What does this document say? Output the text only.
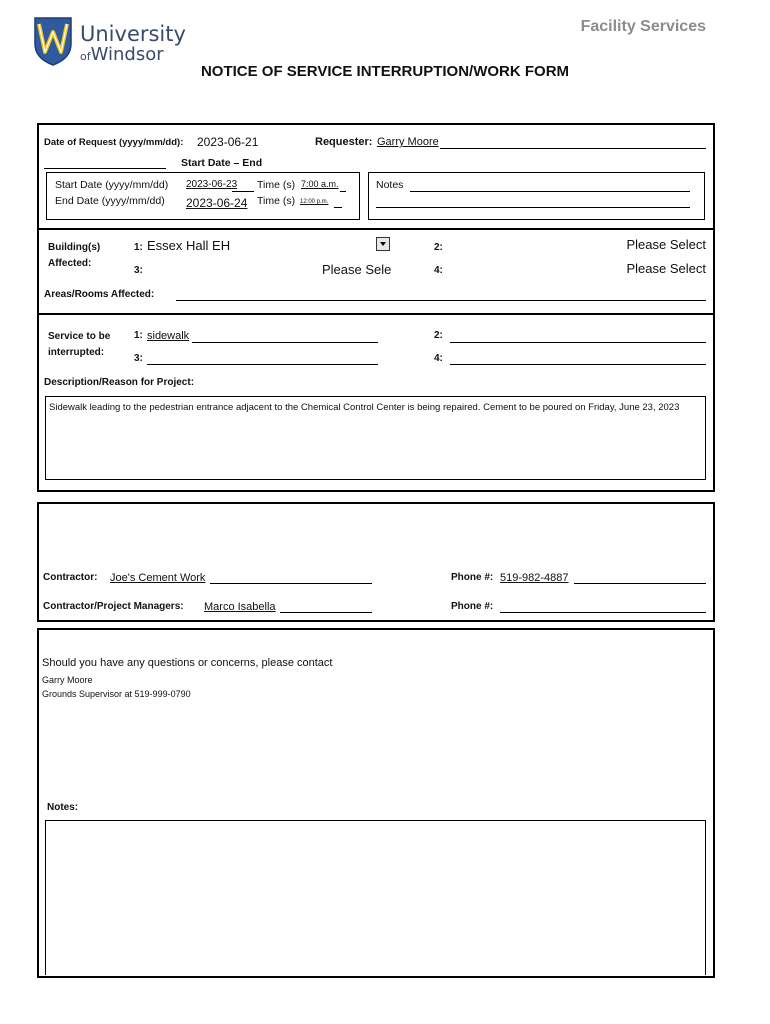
University
ofWindsor
Facility Services
NOTICE OF SERVICE INTERRUPTION/WORK FORM
Date of Request (yyyy/mm/dd): 2023-06-21	Requester: Garry Moore
Start Date – End
Start Date (yyyy/mm/dd) 2023-06-23 Time (s) 7:00 a.m.
End Date (yyyy/mm/dd) 2023-06-24 Time (s) 12:00 p.m.
Notes
Building(s)
Affected:
1: Essex Hall EH	2:	Please Select
3:	Please Sele	4:	Please Select
Areas/Rooms Affected:
Service to be
interrupted:
1: sidewalk	2:
3:	4:
Description/Reason for Project:
Sidewalk leading to the pedestrian entrance adjacent to the Chemical Control Center is being repaired. Cement to be poured on Friday, June 23, 2023
Contractor: Joe's Cement Work	Phone #: 519-982-4887
Contractor/Project Managers: Marco Isabella	Phone #:
Should you have any questions or concerns, please contact
Garry Moore
Grounds Supervisor at 519-999-0790
Notes:
